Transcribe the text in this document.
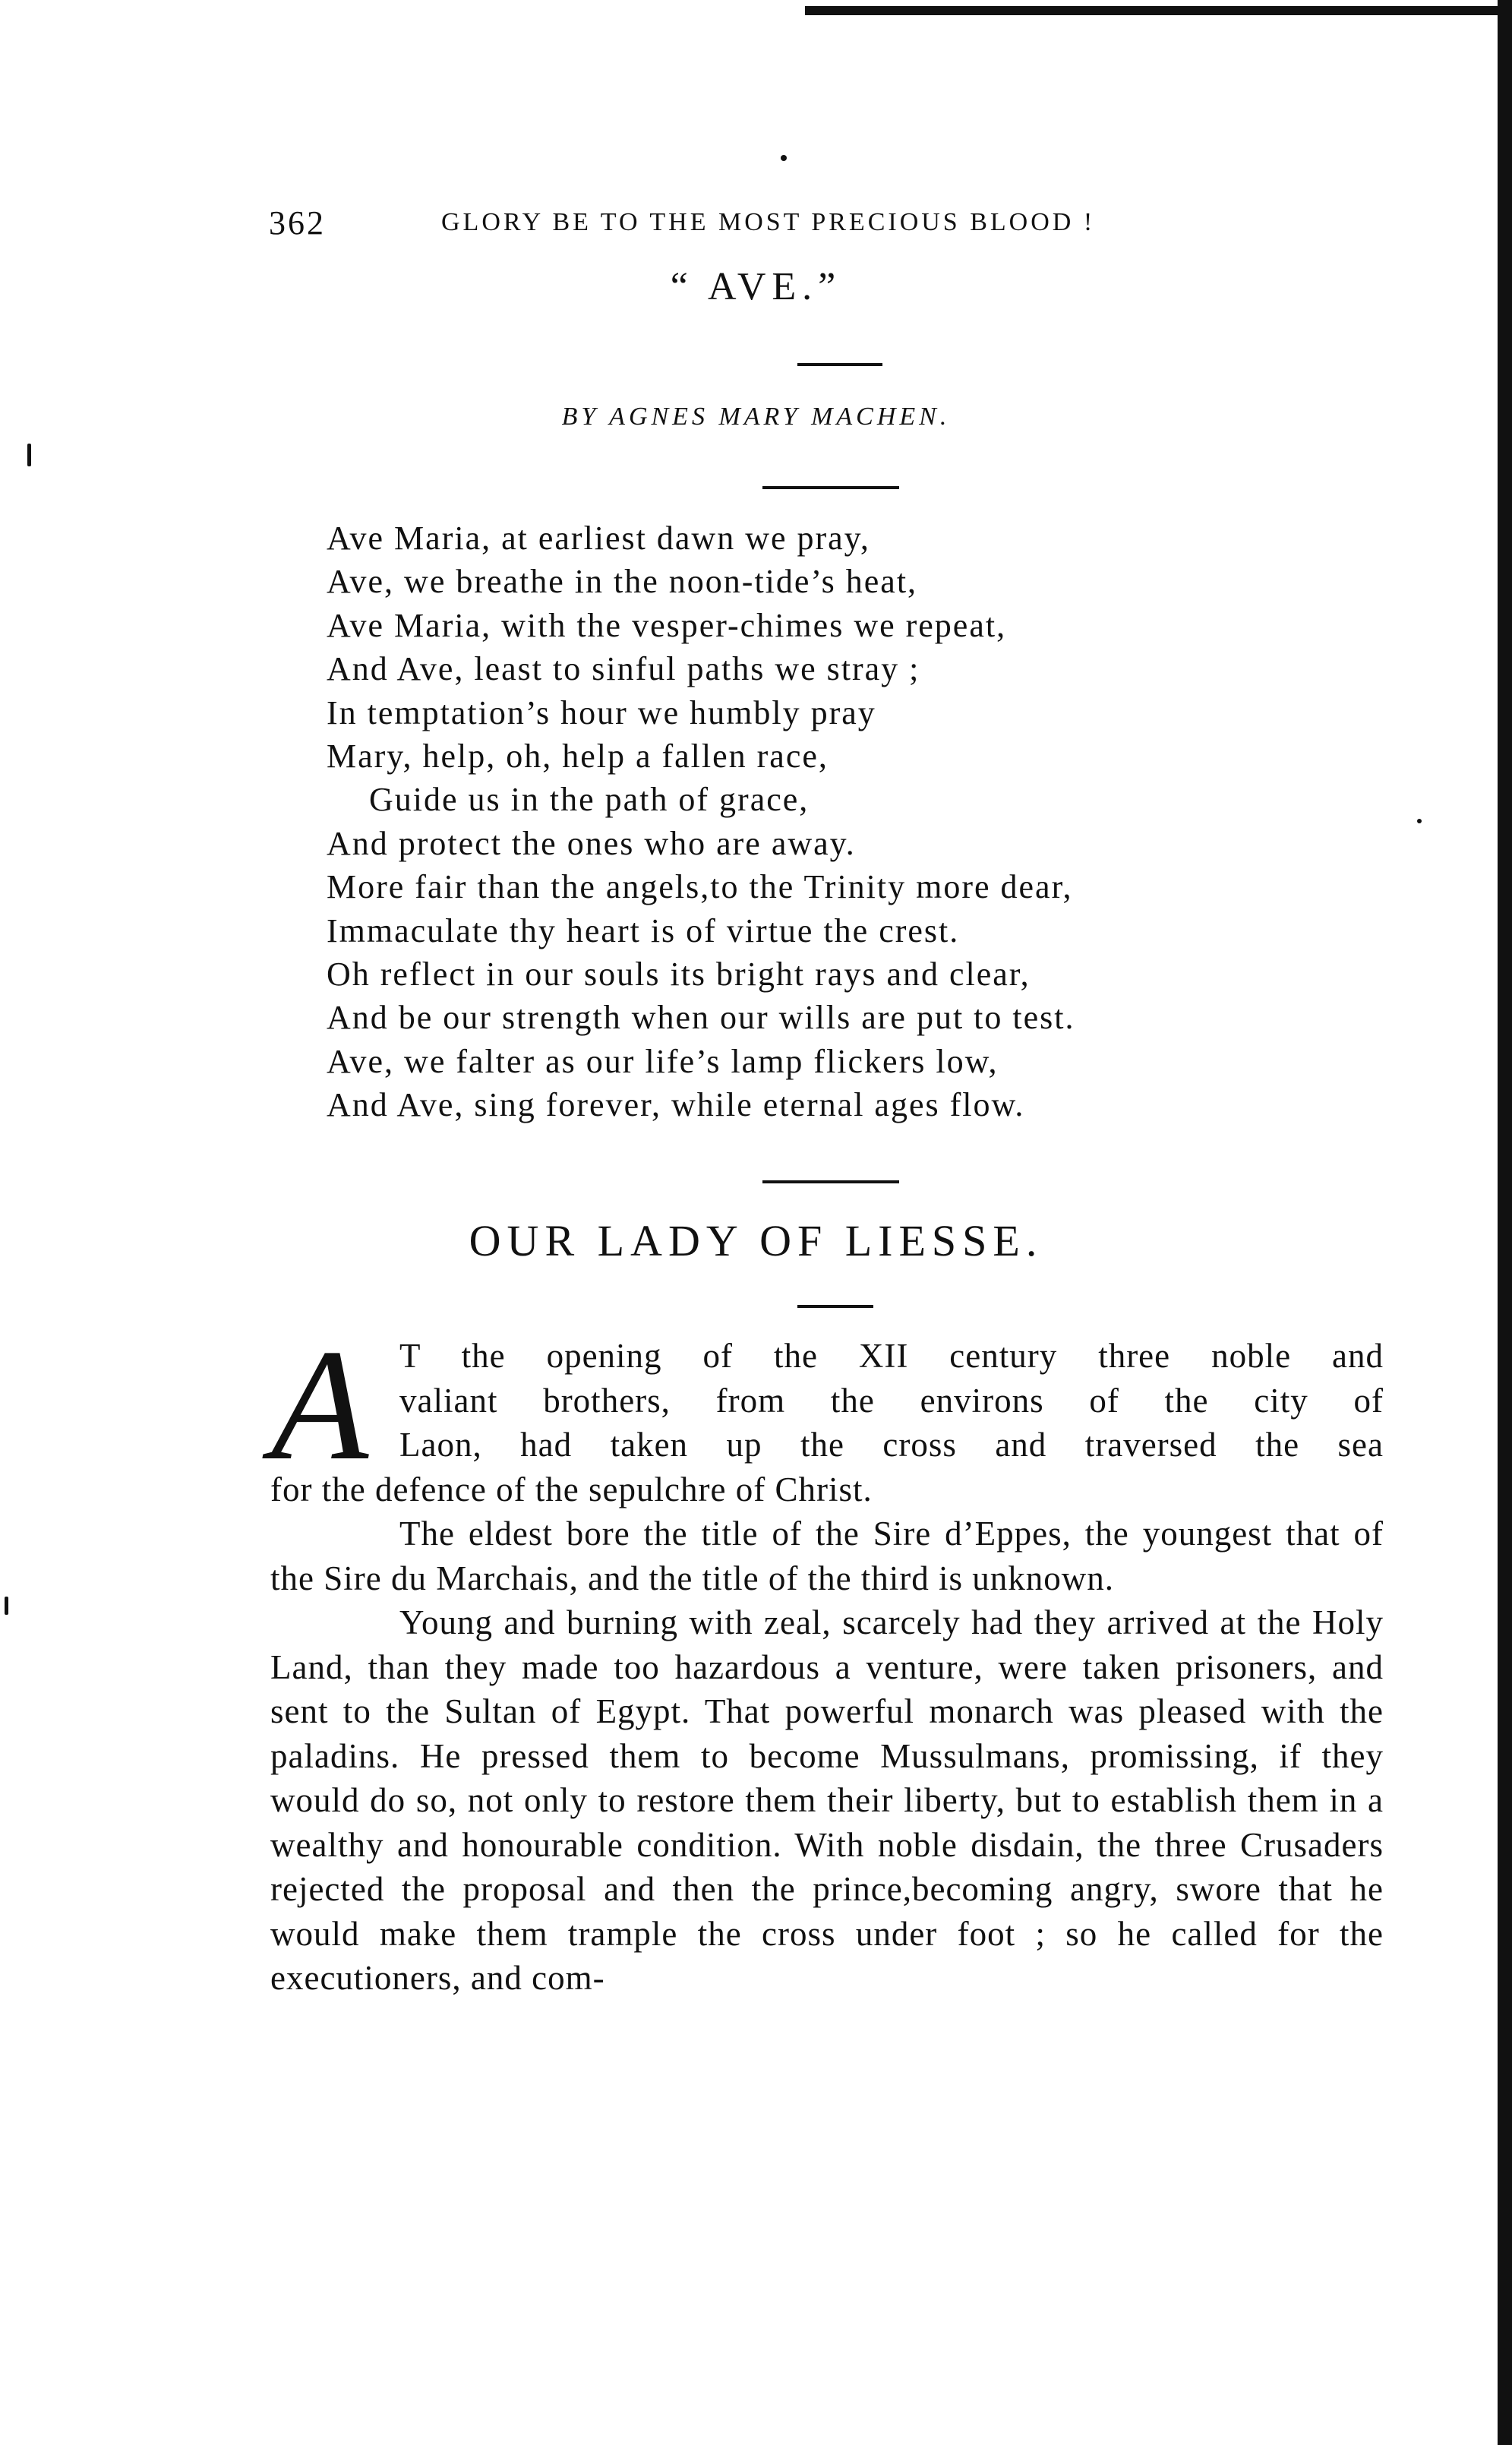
362	GLORY BE TO THE MOST PRECIOUS BLOOD !
“ AVE.”
BY AGNES MARY MACHEN.
Ave Maria, at earliest dawn we pray,
Ave, we breathe in the noon-tide’s heat,
Ave Maria, with the vesper-chimes we repeat,
And Ave, least to sinful paths we stray ;
In temptation’s hour we humbly pray
Mary, help, oh, help a fallen race,
Guide us in the path of grace,
And protect the ones who are away.
More fair than the angels,to the Trinity more dear,
Immaculate thy heart is of virtue the crest.
Oh reflect in our souls its bright rays and clear,
And be our strength when our wills are put to test.
Ave, we falter as our life’s lamp flickers low,
And Ave, sing forever, while eternal ages flow.
OUR LADY OF LIESSE.
A T the opening of the XII century three noble and
valiant brothers, from the environs of the city of
Laon, had taken up the cross and traversed the sea
for the defence of the sepulchre of Christ.

The eldest bore the title of the Sire d’Eppes, the youngest that of the Sire du Marchais, and the title of the third is unknown.

Young and burning with zeal, scarcely had they arrived at the Holy Land, than they made too hazardous a venture, were taken prisoners, and sent to the Sultan of Egypt. That powerful monarch was pleased with the paladins. He pressed them to become Mussulmans, promissing, if they would do so, not only to restore them their liberty, but to establish them in a wealthy and honourable condition. With noble disdain, the three Crusaders rejected the proposal and then the prince,becoming angry, swore that he would make them trample the cross under foot ; so he called for the executioners, and com-
